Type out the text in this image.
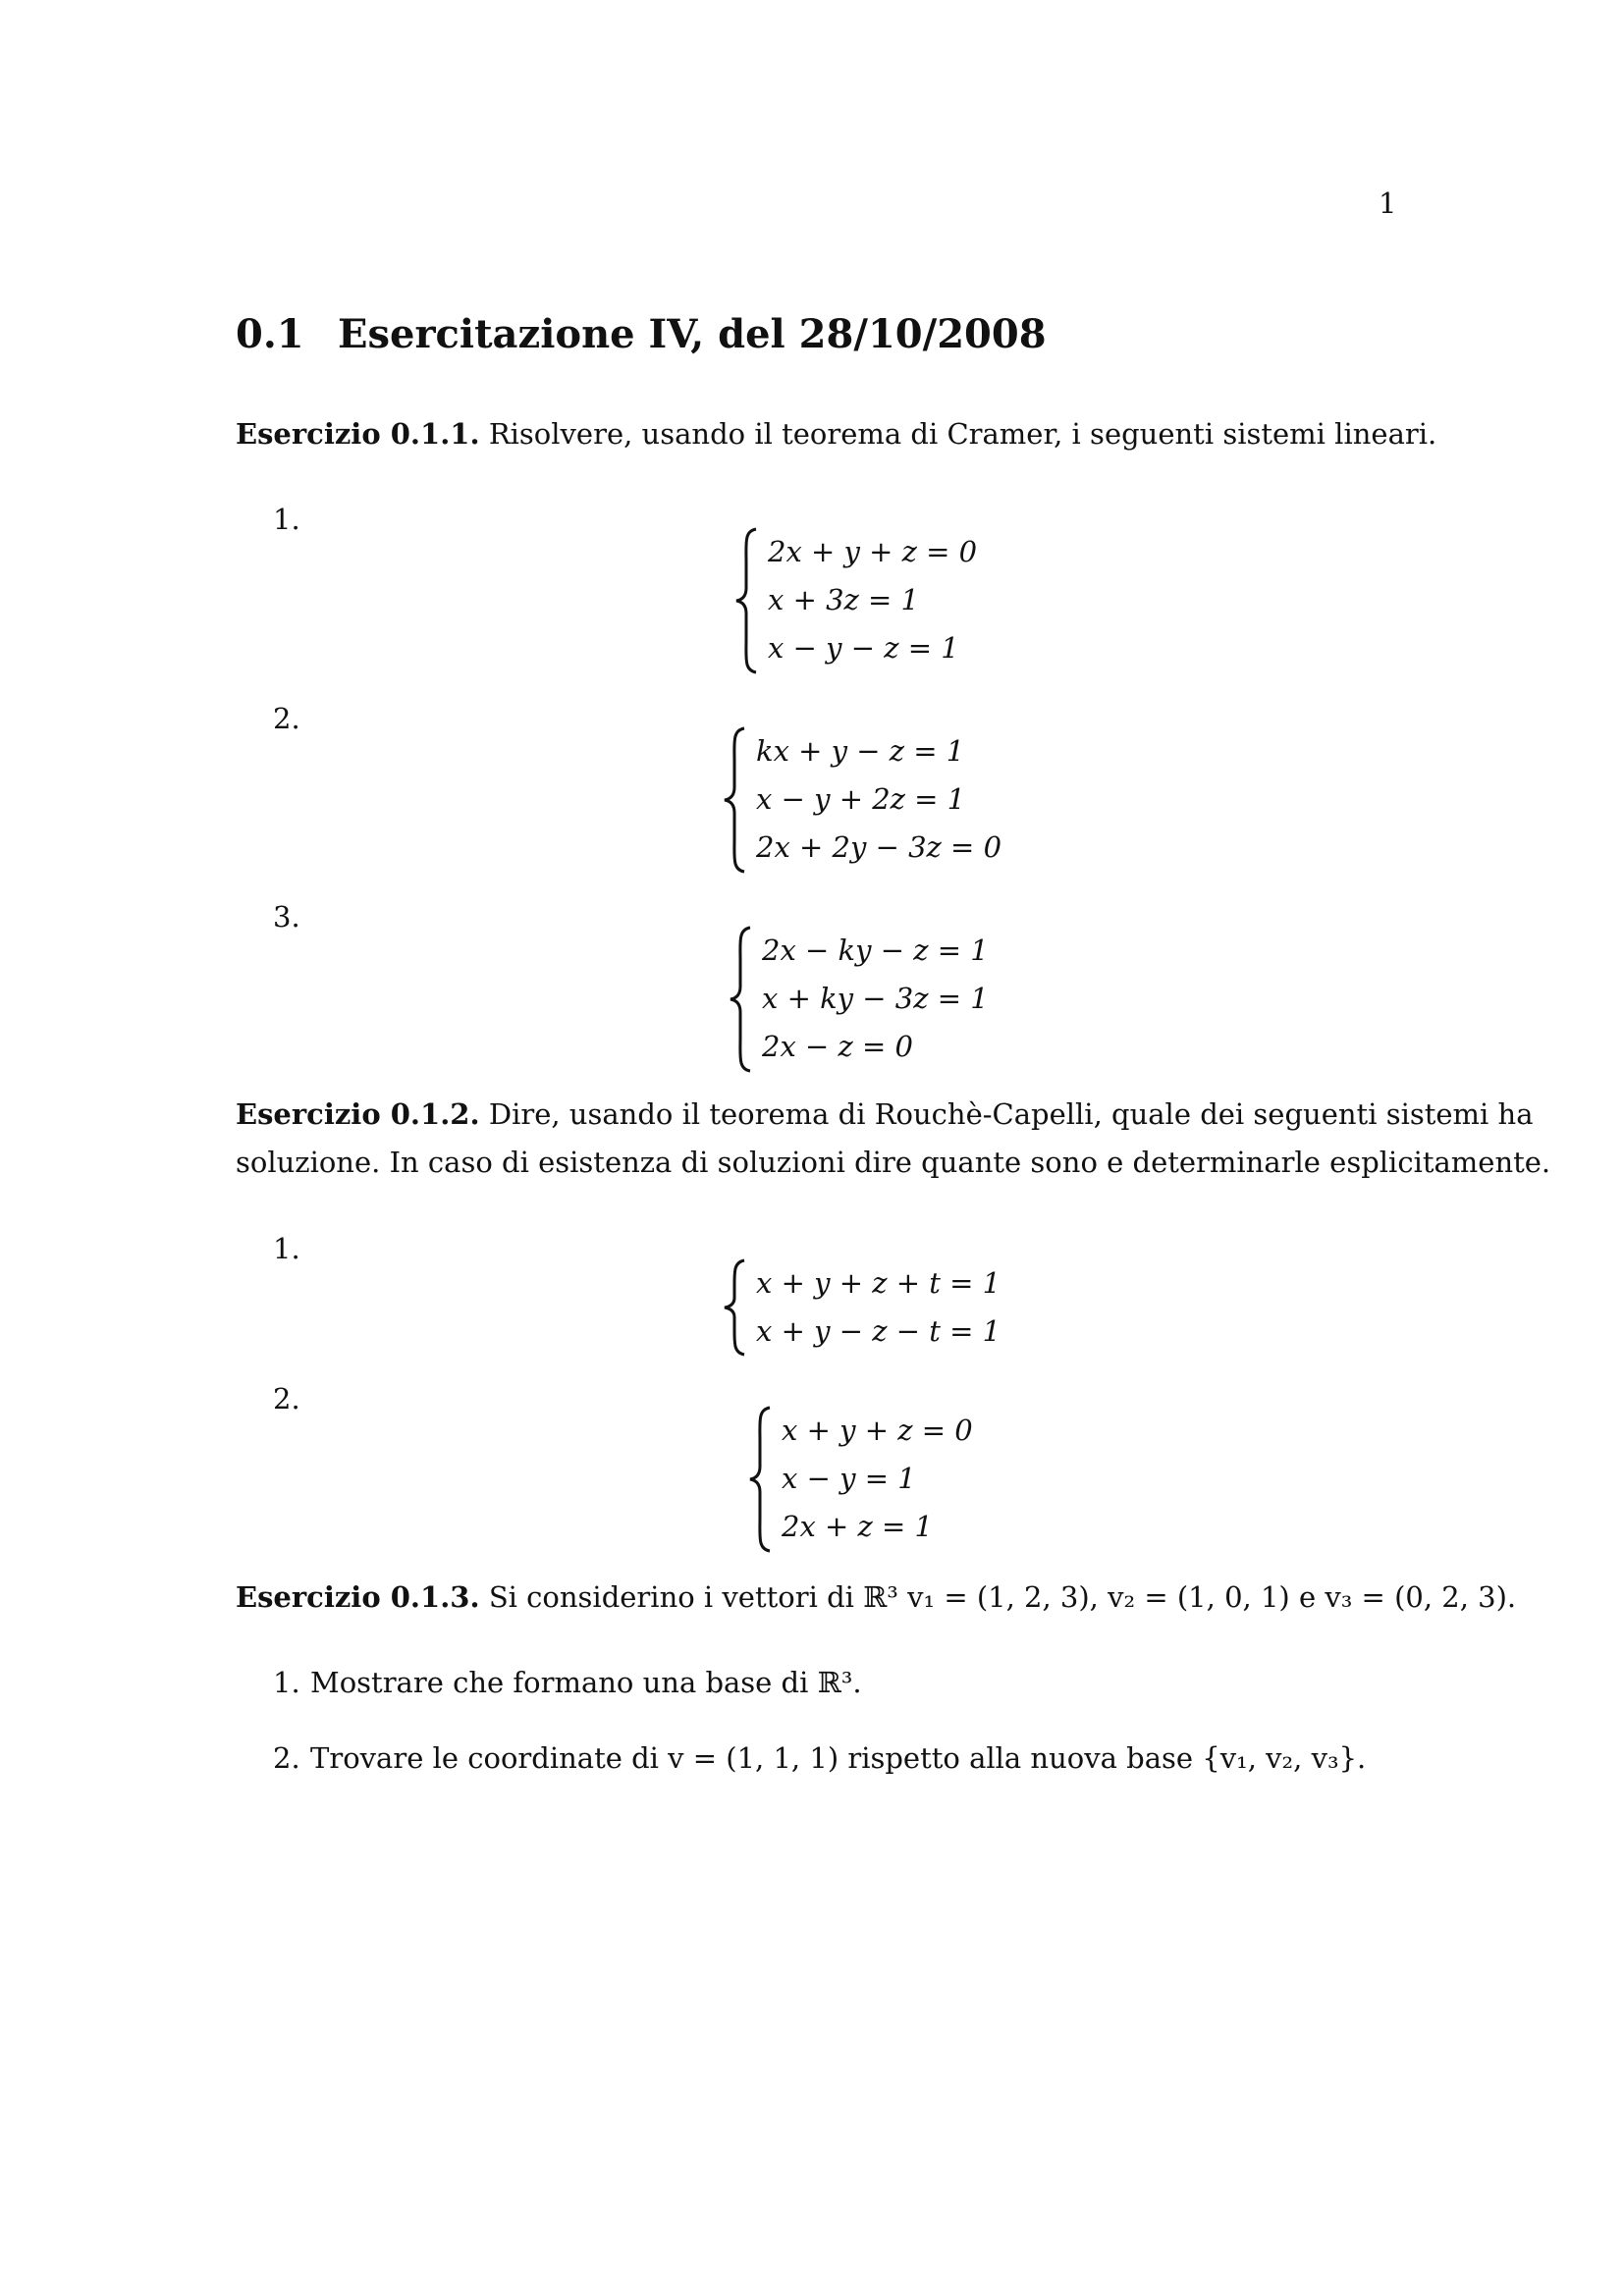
1
0.1 Esercitazione IV, del 28/10/2008
Esercizio 0.1.1. Risolvere, usando il teorema di Cramer, i seguenti sistemi lineari.
1.
2x + y + z = 0
x + 3z = 1
x − y − z = 1
2.
kx + y − z = 1
x − y + 2z = 1
2x + 2y − 3z = 0
3.
2x − ky − z = 1
x + ky − 3z = 1
2x − z = 0
Esercizio 0.1.2. Dire, usando il teorema di Rouchè-Capelli, quale dei seguenti sistemi ha
soluzione. In caso di esistenza di soluzioni dire quante sono e determinarle esplicitamente.
1.
x + y + z + t = 1
x + y − z − t = 1
2.
x + y + z = 0
x − y = 1
2x + z = 1
Esercizio 0.1.3. Si considerino i vettori di ℝ³ v₁ = (1, 2, 3), v₂ = (1, 0, 1) e v₃ = (0, 2, 3).
1. Mostrare che formano una base di ℝ³.
2. Trovare le coordinate di v = (1, 1, 1) rispetto alla nuova base {v₁, v₂, v₃}.
